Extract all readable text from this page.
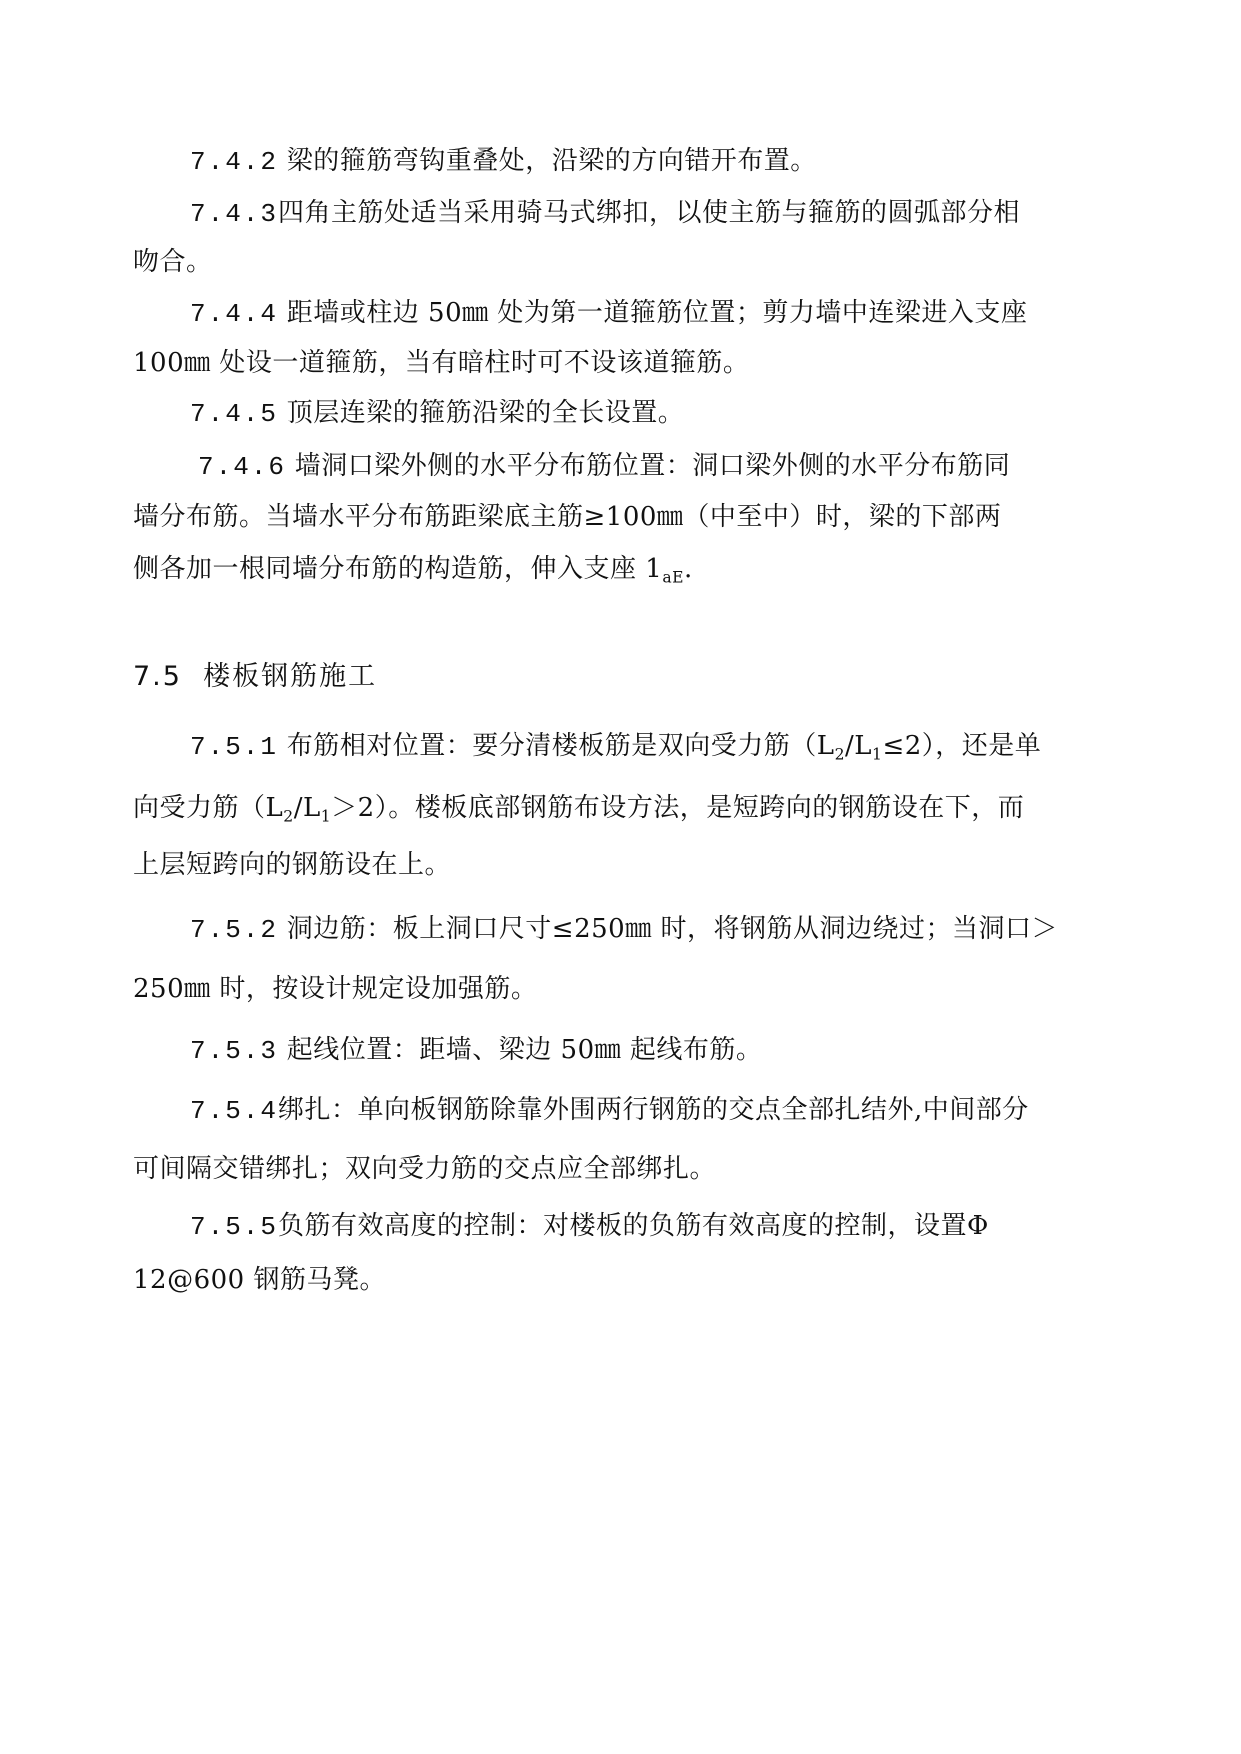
7.4.2 梁的箍筋弯钩重叠处，沿梁的方向错开布置。
7.4.3四角主筋处适当采用骑马式绑扣，以使主筋与箍筋的圆弧部分相
吻合。
7.4.4 距墙或柱边 50㎜ 处为第一道箍筋位置；剪力墙中连梁进入支座
100㎜ 处设一道箍筋，当有暗柱时可不设该道箍筋。
7.4.5 顶层连梁的箍筋沿梁的全长设置。
7.4.6 墙洞口梁外侧的水平分布筋位置：洞口梁外侧的水平分布筋同
墙分布筋。当墙水平分布筋距梁底主筋≥100㎜（中至中）时，梁的下部两
侧各加一根同墙分布筋的构造筋，伸入支座 $1_{aE}$.
7.5 楼板钢筋施工
7.5.1 布筋相对位置：要分清楼板筋是双向受力筋$(L_2/L_1\le 2)$，还是单
向受力筋$(L_2/L_1>2)$。楼板底部钢筋布设方法，是短跨向的钢筋设在下，而
上层短跨向的钢筋设在上。
7.5.2 洞边筋：板上洞口尺寸≤250㎜ 时，将钢筋从洞边绕过；当洞口＞
250㎜ 时，按设计规定设加强筋。
7.5.3 起线位置：距墙、梁边 50㎜ 起线布筋。
7.5.4绑扎：单向板钢筋除靠外围两行钢筋的交点全部扎结外,中间部分
可间隔交错绑扎；双向受力筋的交点应全部绑扎。
7.5.5负筋有效高度的控制：对楼板的负筋有效高度的控制，设置Φ
12@600 钢筋马凳。
